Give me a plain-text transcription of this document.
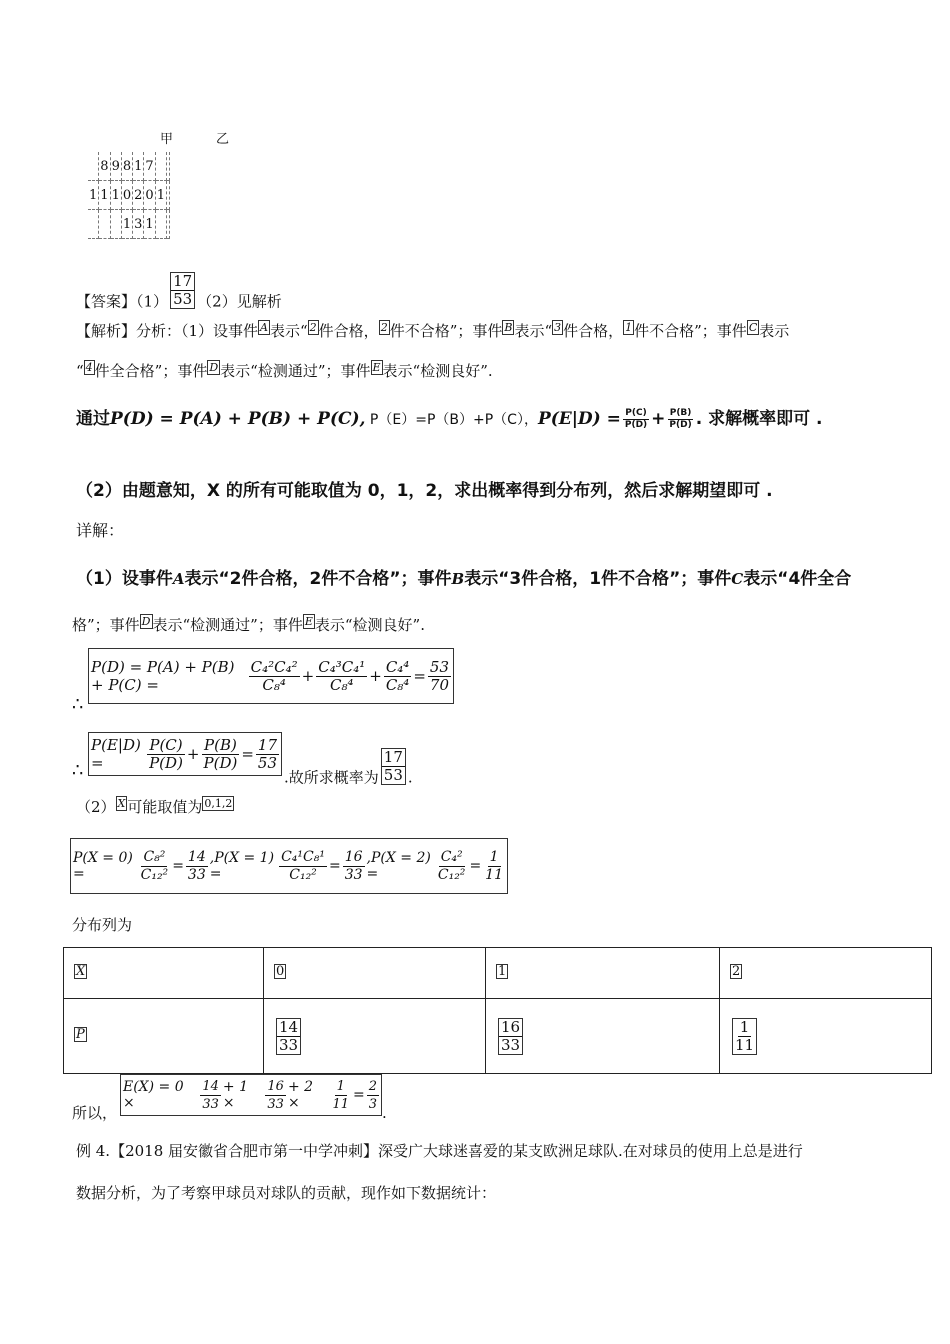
甲	乙
	8	9	8	1	7		
1	1	1	0	2	0	1	
			1	3	1		
【答案】$(1) \frac{17}{53} (2)$见解析
【解析】分析：（1）设事件 A 表示“ 2 件合格， 2 件不合格”；事件 B 表示“ 3 件合格， 1 件不合格”；事件 C 表示
“ 4 件全合格”；事件 D 表示“检测通过”；事件 E 表示“检测良好”.
通过P(D) = P(A) + P(B) + P(C), P（E）=P（B）+P（C），$P(E|D) = \frac{P(C)}{P(D)} + \frac{P(B)}{P(D)}$ . 求解概率即可 .
（2）由题意知，X 的所有可能取值为 0，1，2，求出概率得到分布列，然后求解期望即可 .
详解：
（1）设事件A表示“2件合格，2件不合格”；事件B表示“3件合格，1件不合格”；事件C表示“4件全合
格”；事件 D 表示“检测通过”；事件 E 表示“检测良好”.
P(D) = P(A) + P(B) + P(C) =	$\frac{\text{C₄²C₄²}}{\text{C₈⁴}} + \frac{\text{C₄³C₄¹}}{\text{C₈⁴}} + \frac{\text{C₄⁴}}{\text{C₈⁴}} = \frac{53}{70}$
∴
P(E|D) =	$\frac{P(C)}{P(D)} + \frac{P(B)}{P(D)} = \frac{17}{53}$
∴	.故所求概率为 $\frac{17}{53}$ .
（2） X 可能取值为 0,1,2
P(X = 0) =	$\frac{\text{C₈²}}{\text{C₁₂²}} = \frac{14}{33} ,P(X = 1)$ =	$\frac{\text{C₄¹C₈¹}}{\text{C₁₂²}} = \frac{16}{33} ,P(X = 2)$ =	$\frac{\text{C₄²}}{\text{C₁₂²}} = \frac{1}{11}$
分布列为
X	0	1	2
P	$\frac{14}{33}$	$\frac{16}{33}$	$\frac{1}{11}$
所以，
E(X) = 0 ×	$\frac{14}{33} + 1$ ×	$\frac{16}{33} + 2$ ×	$\frac{1}{11} = \frac{2}{3}$
.
例 4.【2018 届安徽省合肥市第一中学冲刺】深受广大球迷喜爱的某支欧洲足球队.在对球员的使用上总是进行
数据分析，为了考察甲球员对球队的贡献，现作如下数据统计：
